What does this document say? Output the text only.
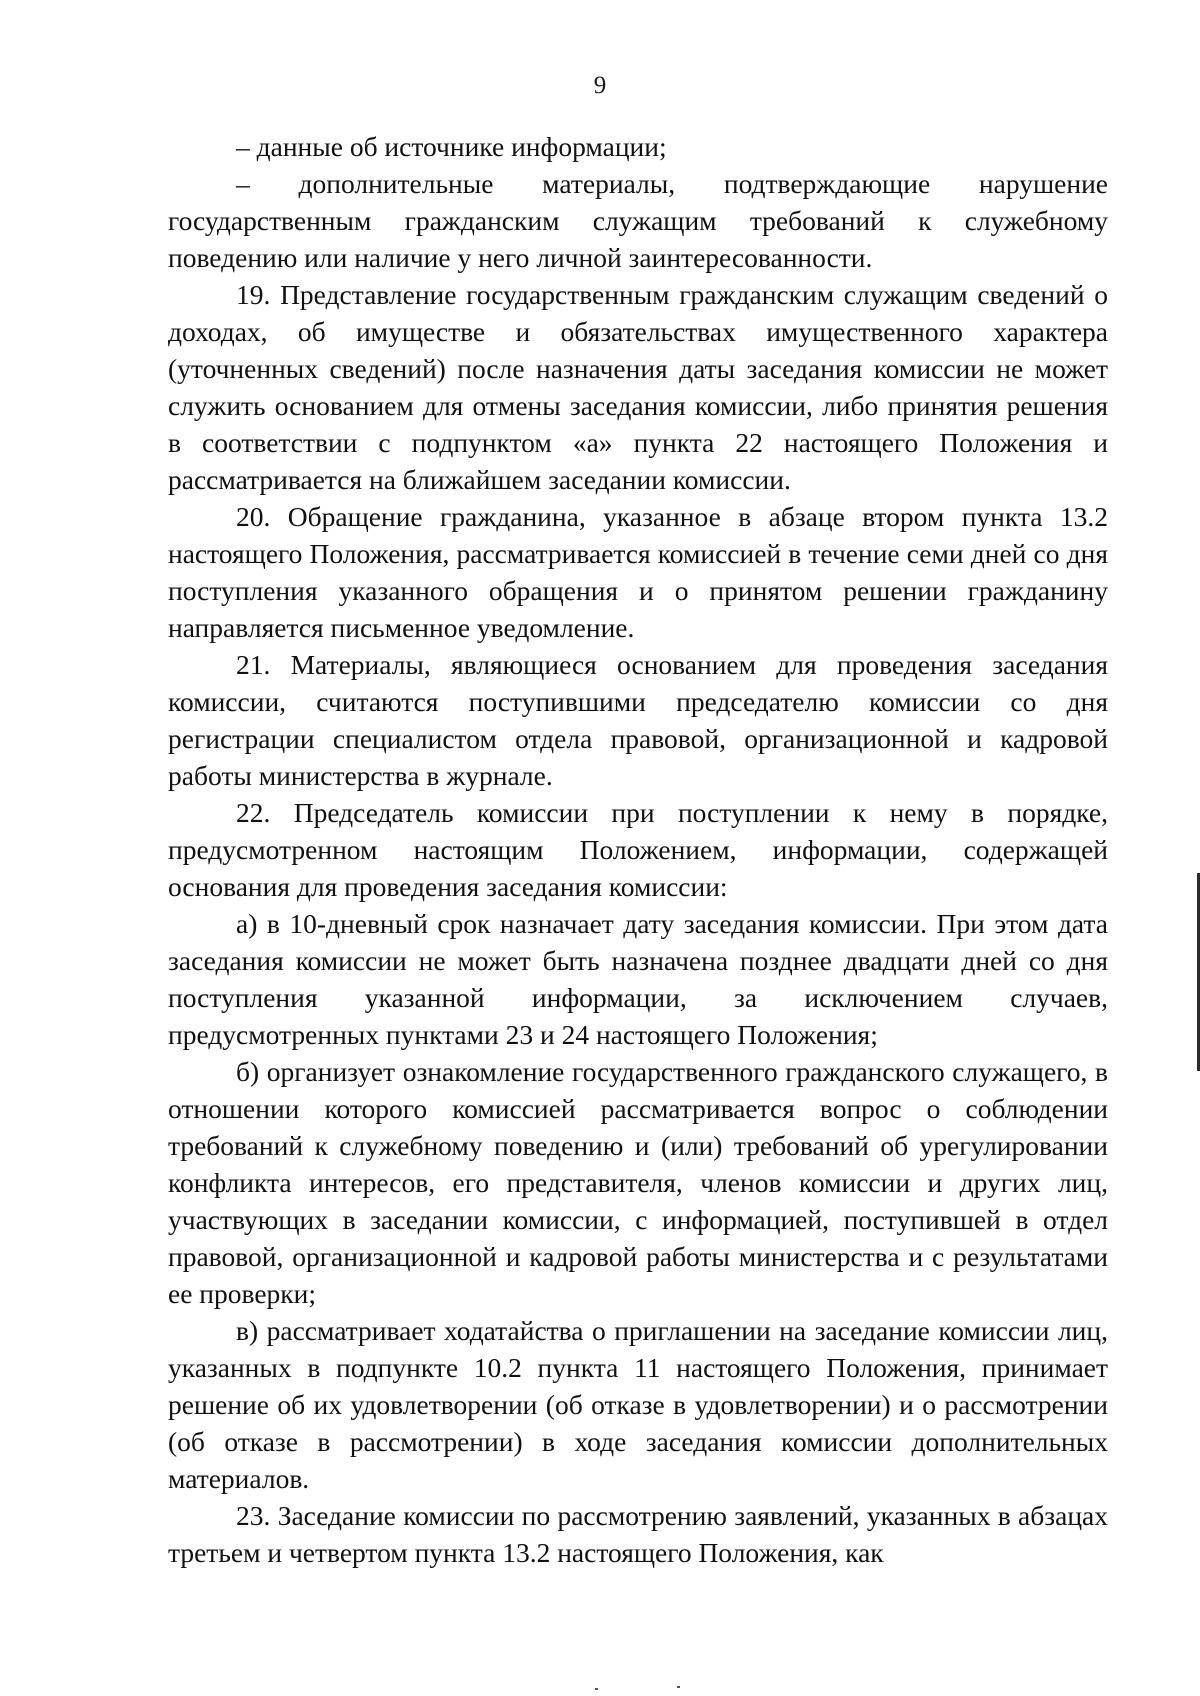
9

– данные об источнике информации;

– дополнительные материалы, подтверждающие нарушение государственным гражданским служащим требований к служебному поведению или наличие у него личной заинтересованности.

19. Представление государственным гражданским служащим сведений о доходах, об имуществе и обязательствах имущественного характера (уточненных сведений) после назначения даты заседания комиссии не может служить основанием для отмены заседания комиссии, либо принятия решения в соответствии с подпунктом «а» пункта 22 настоящего Положения и рассматривается на ближайшем заседании комиссии.

20. Обращение гражданина, указанное в абзаце втором пункта 13.2 настоящего Положения, рассматривается комиссией в течение семи дней со дня поступления указанного обращения и о принятом решении гражданину направляется письменное уведомление.

21. Материалы, являющиеся основанием для проведения заседания комиссии, считаются поступившими председателю комиссии со дня регистрации специалистом отдела правовой, организационной и кадровой работы министерства в журнале.

22. Председатель комиссии при поступлении к нему в порядке, предусмотренном настоящим Положением, информации, содержащей основания для проведения заседания комиссии:

а) в 10-дневный срок назначает дату заседания комиссии. При этом дата заседания комиссии не может быть назначена позднее двадцати дней со дня поступления указанной информации, за исключением случаев, предусмотренных пунктами 23 и 24 настоящего Положения;

б) организует ознакомление государственного гражданского служащего, в отношении которого комиссией рассматривается вопрос о соблюдении требований к служебному поведению и (или) требований об урегулировании конфликта интересов, его представителя, членов комиссии и других лиц, участвующих в заседании комиссии, с информацией, поступившей в отдел правовой, организационной и кадровой работы министерства и с результатами ее проверки;

в) рассматривает ходатайства о приглашении на заседание комиссии лиц, указанных в подпункте 10.2 пункта 11 настоящего Положения, принимает решение об их удовлетворении (об отказе в удовлетворении) и о рассмотрении (об отказе в рассмотрении) в ходе заседания комиссии дополнительных материалов.

23. Заседание комиссии по рассмотрению заявлений, указанных в абзацах третьем и четвертом пункта 13.2 настоящего Положения, как
